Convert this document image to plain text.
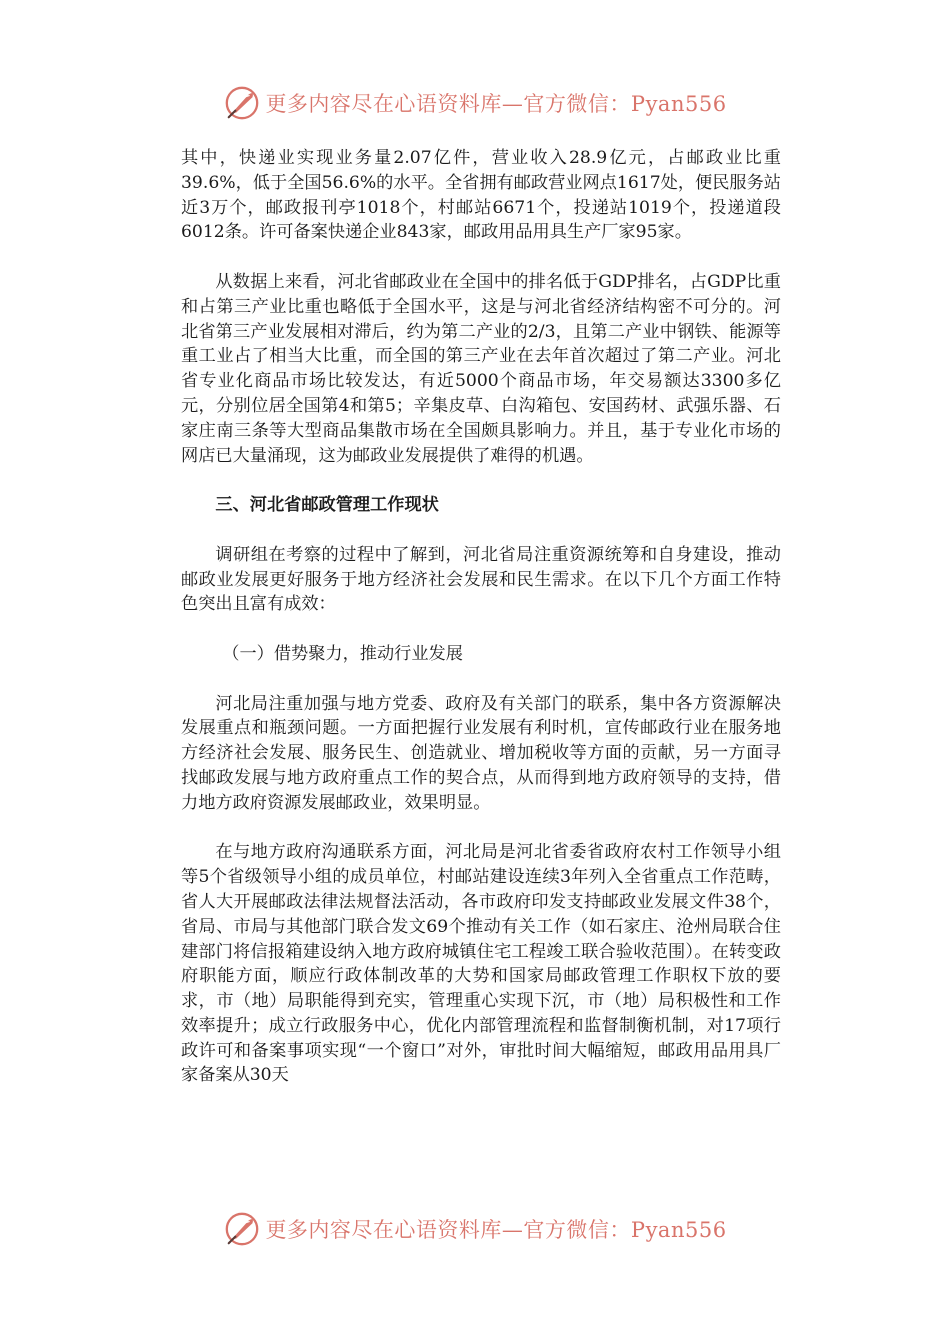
更多内容尽在心语资料库—官方微信：Pyan556

其中，快递业实现业务量2.07亿件，营业收入28.9亿元，占邮政业比重39.6%，低于全国56.6%的水平。全省拥有邮政营业网点1617处，便民服务站近3万个，邮政报刊亭1018个，村邮站6671个，投递站1019个，投递道段6012条。许可备案快递企业843家，邮政用品用具生产厂家95家。

从数据上来看，河北省邮政业在全国中的排名低于GDP排名，占GDP比重和占第三产业比重也略低于全国水平，这是与河北省经济结构密不可分的。河北省第三产业发展相对滞后，约为第二产业的2/3，且第二产业中钢铁、能源等重工业占了相当大比重，而全国的第三产业在去年首次超过了第二产业。河北省专业化商品市场比较发达，有近5000个商品市场，年交易额达3300多亿元，分别位居全国第4和第5；辛集皮草、白沟箱包、安国药材、武强乐器、石家庄南三条等大型商品集散市场在全国颇具影响力。并且，基于专业化市场的网店已大量涌现，这为邮政业发展提供了难得的机遇。

三、河北省邮政管理工作现状

调研组在考察的过程中了解到，河北省局注重资源统筹和自身建设，推动邮政业发展更好服务于地方经济社会发展和民生需求。在以下几个方面工作特色突出且富有成效：

（一）借势聚力，推动行业发展

河北局注重加强与地方党委、政府及有关部门的联系，集中各方资源解决发展重点和瓶颈问题。一方面把握行业发展有利时机，宣传邮政行业在服务地方经济社会发展、服务民生、创造就业、增加税收等方面的贡献，另一方面寻找邮政发展与地方政府重点工作的契合点，从而得到地方政府领导的支持，借力地方政府资源发展邮政业，效果明显。

在与地方政府沟通联系方面，河北局是河北省委省政府农村工作领导小组等5个省级领导小组的成员单位，村邮站建设连续3年列入全省重点工作范畴，省人大开展邮政法律法规督法活动，各市政府印发支持邮政业发展文件38个，省局、市局与其他部门联合发文69个推动有关工作（如石家庄、沧州局联合住建部门将信报箱建设纳入地方政府城镇住宅工程竣工联合验收范围）。在转变政府职能方面，顺应行政体制改革的大势和国家局邮政管理工作职权下放的要求，市（地）局职能得到充实，管理重心实现下沉，市（地）局积极性和工作效率提升；成立行政服务中心，优化内部管理流程和监督制衡机制，对17项行政许可和备案事项实现“一个窗口”对外，审批时间大幅缩短，邮政用品用具厂家备案从30天

更多内容尽在心语资料库—官方微信：Pyan556
